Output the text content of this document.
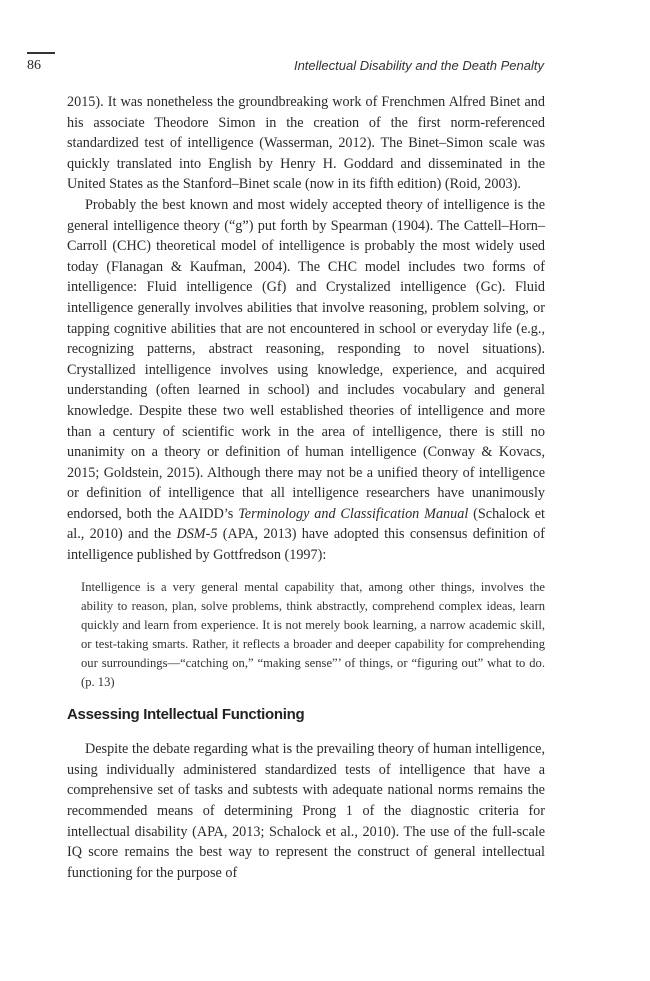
86	Intellectual Disability and the Death Penalty

2015). It was nonetheless the groundbreaking work of Frenchmen Alfred Binet and his associate Theodore Simon in the creation of the first norm-referenced standardized test of intelligence (Wasserman, 2012). The Binet–Simon scale was quickly translated into English by Henry H. Goddard and disseminated in the United States as the Stanford–Binet scale (now in its fifth edition) (Roid, 2003).

Probably the best known and most widely accepted theory of intelligence is the general intelligence theory (“g”) put forth by Spearman (1904). The Cattell–Horn–Carroll (CHC) theoretical model of intelligence is probably the most widely used today (Flanagan & Kaufman, 2004). The CHC model includes two forms of intelligence: Fluid intelligence (Gf) and Crystalized intelligence (Gc). Fluid intelligence generally involves abilities that involve reasoning, problem solving, or tapping cognitive abilities that are not encountered in school or everyday life (e.g., recognizing patterns, abstract reasoning, responding to novel situations). Crystallized intelligence involves using knowledge, experience, and acquired understanding (often learned in school) and includes vocabulary and general knowledge. Despite these two well established theories of intelligence and more than a century of scientific work in the area of intelligence, there is still no unanimity on a theory or definition of human intelligence (Conway & Kovacs, 2015; Goldstein, 2015). Although there may not be a unified theory of intelligence or definition of intelligence that all intelligence researchers have unanimously endorsed, both the AAIDD’s Terminology and Classification Manual (Schalock et al., 2010) and the DSM-5 (APA, 2013) have adopted this consensus definition of intelligence published by Gottfredson (1997):

Intelligence is a very general mental capability that, among other things, involves the ability to reason, plan, solve problems, think abstractly, comprehend complex ideas, learn quickly and learn from experience. It is not merely book learning, a narrow academic skill, or test-taking smarts. Rather, it reflects a broader and deeper capability for comprehending our surroundings—“catching on,” “making sense”’ of things, or “figuring out” what to do. (p. 13)
Assessing Intellectual Functioning

Despite the debate regarding what is the prevailing theory of human intelligence, using individually administered standardized tests of intelligence that have a comprehensive set of tasks and subtests with adequate national norms remains the recommended means of determining Prong 1 of the diagnostic criteria for intellectual disability (APA, 2013; Schalock et al., 2010). The use of the full-scale IQ score remains the best way to represent the construct of general intellectual functioning for the purpose of
